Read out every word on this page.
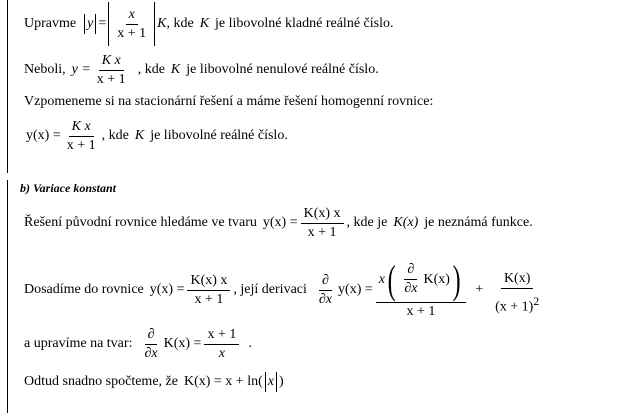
Upravme $y = \frac{x}{x + 1}$ K , kde K je libovolné kladné reálné číslo.
Neboli, $y = \frac{\text{K x}}{x + 1}$ , kde K je libovolné nenulové reálné číslo.
Vzpomeneme si na stacionární řešení a máme řešení homogenní rovnice:
$y(x) = \frac{\text{K x}}{x + 1}$ , kde K je libovolné reálné číslo.
b) Variace konstant
Řešení původní rovnice hledáme ve tvaru $y(x) = \frac{K(x) x}{x + 1}$ , kde je K(x) je neznámá funkce.
Dosadíme do rovnice $y(x) = \frac{K(x) x}{x + 1}$ , její derivaci $\frac{\partial}{\partial x} y(x)$ =
x ( $\frac{\partial}{\partial x} K(x)$ )
x + 1
+ $\frac{K(x)}{(x + 1)^2}$
a upravíme na tvar: $\frac{\partial}{\partial x} K(x) = \frac{x + 1}{x}$ .
Odtud snadno spočteme, že K(x) = x + ln( x )
